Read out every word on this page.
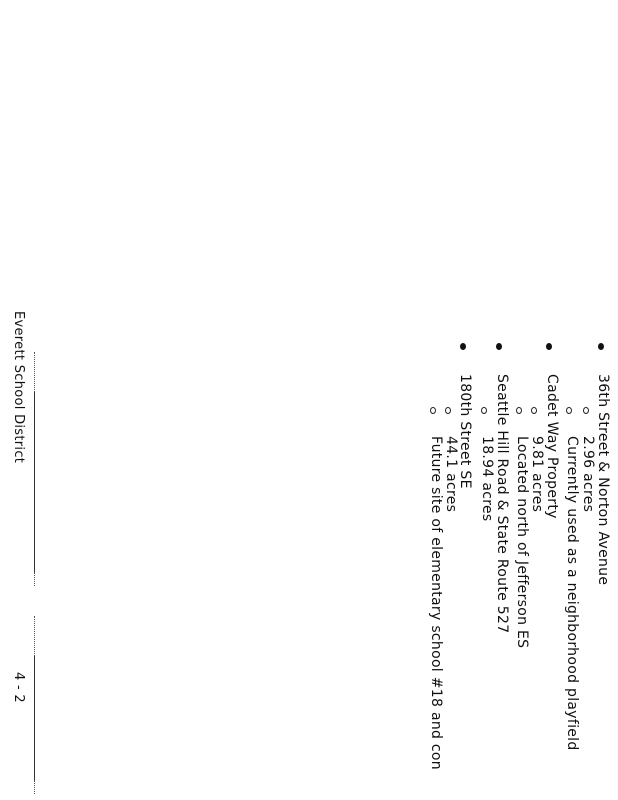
36th Street & Norton Avenue
2.96 acres
Currently used as a neighborhood playfield
Cadet Way Property
9.81 acres
Located north of Jefferson ES
Seattle Hill Road & State Route 527
18.94 acres
180th Street SE
44.1 acres
Future site of elementary school #18 and con
Everett School District
4 - 2
